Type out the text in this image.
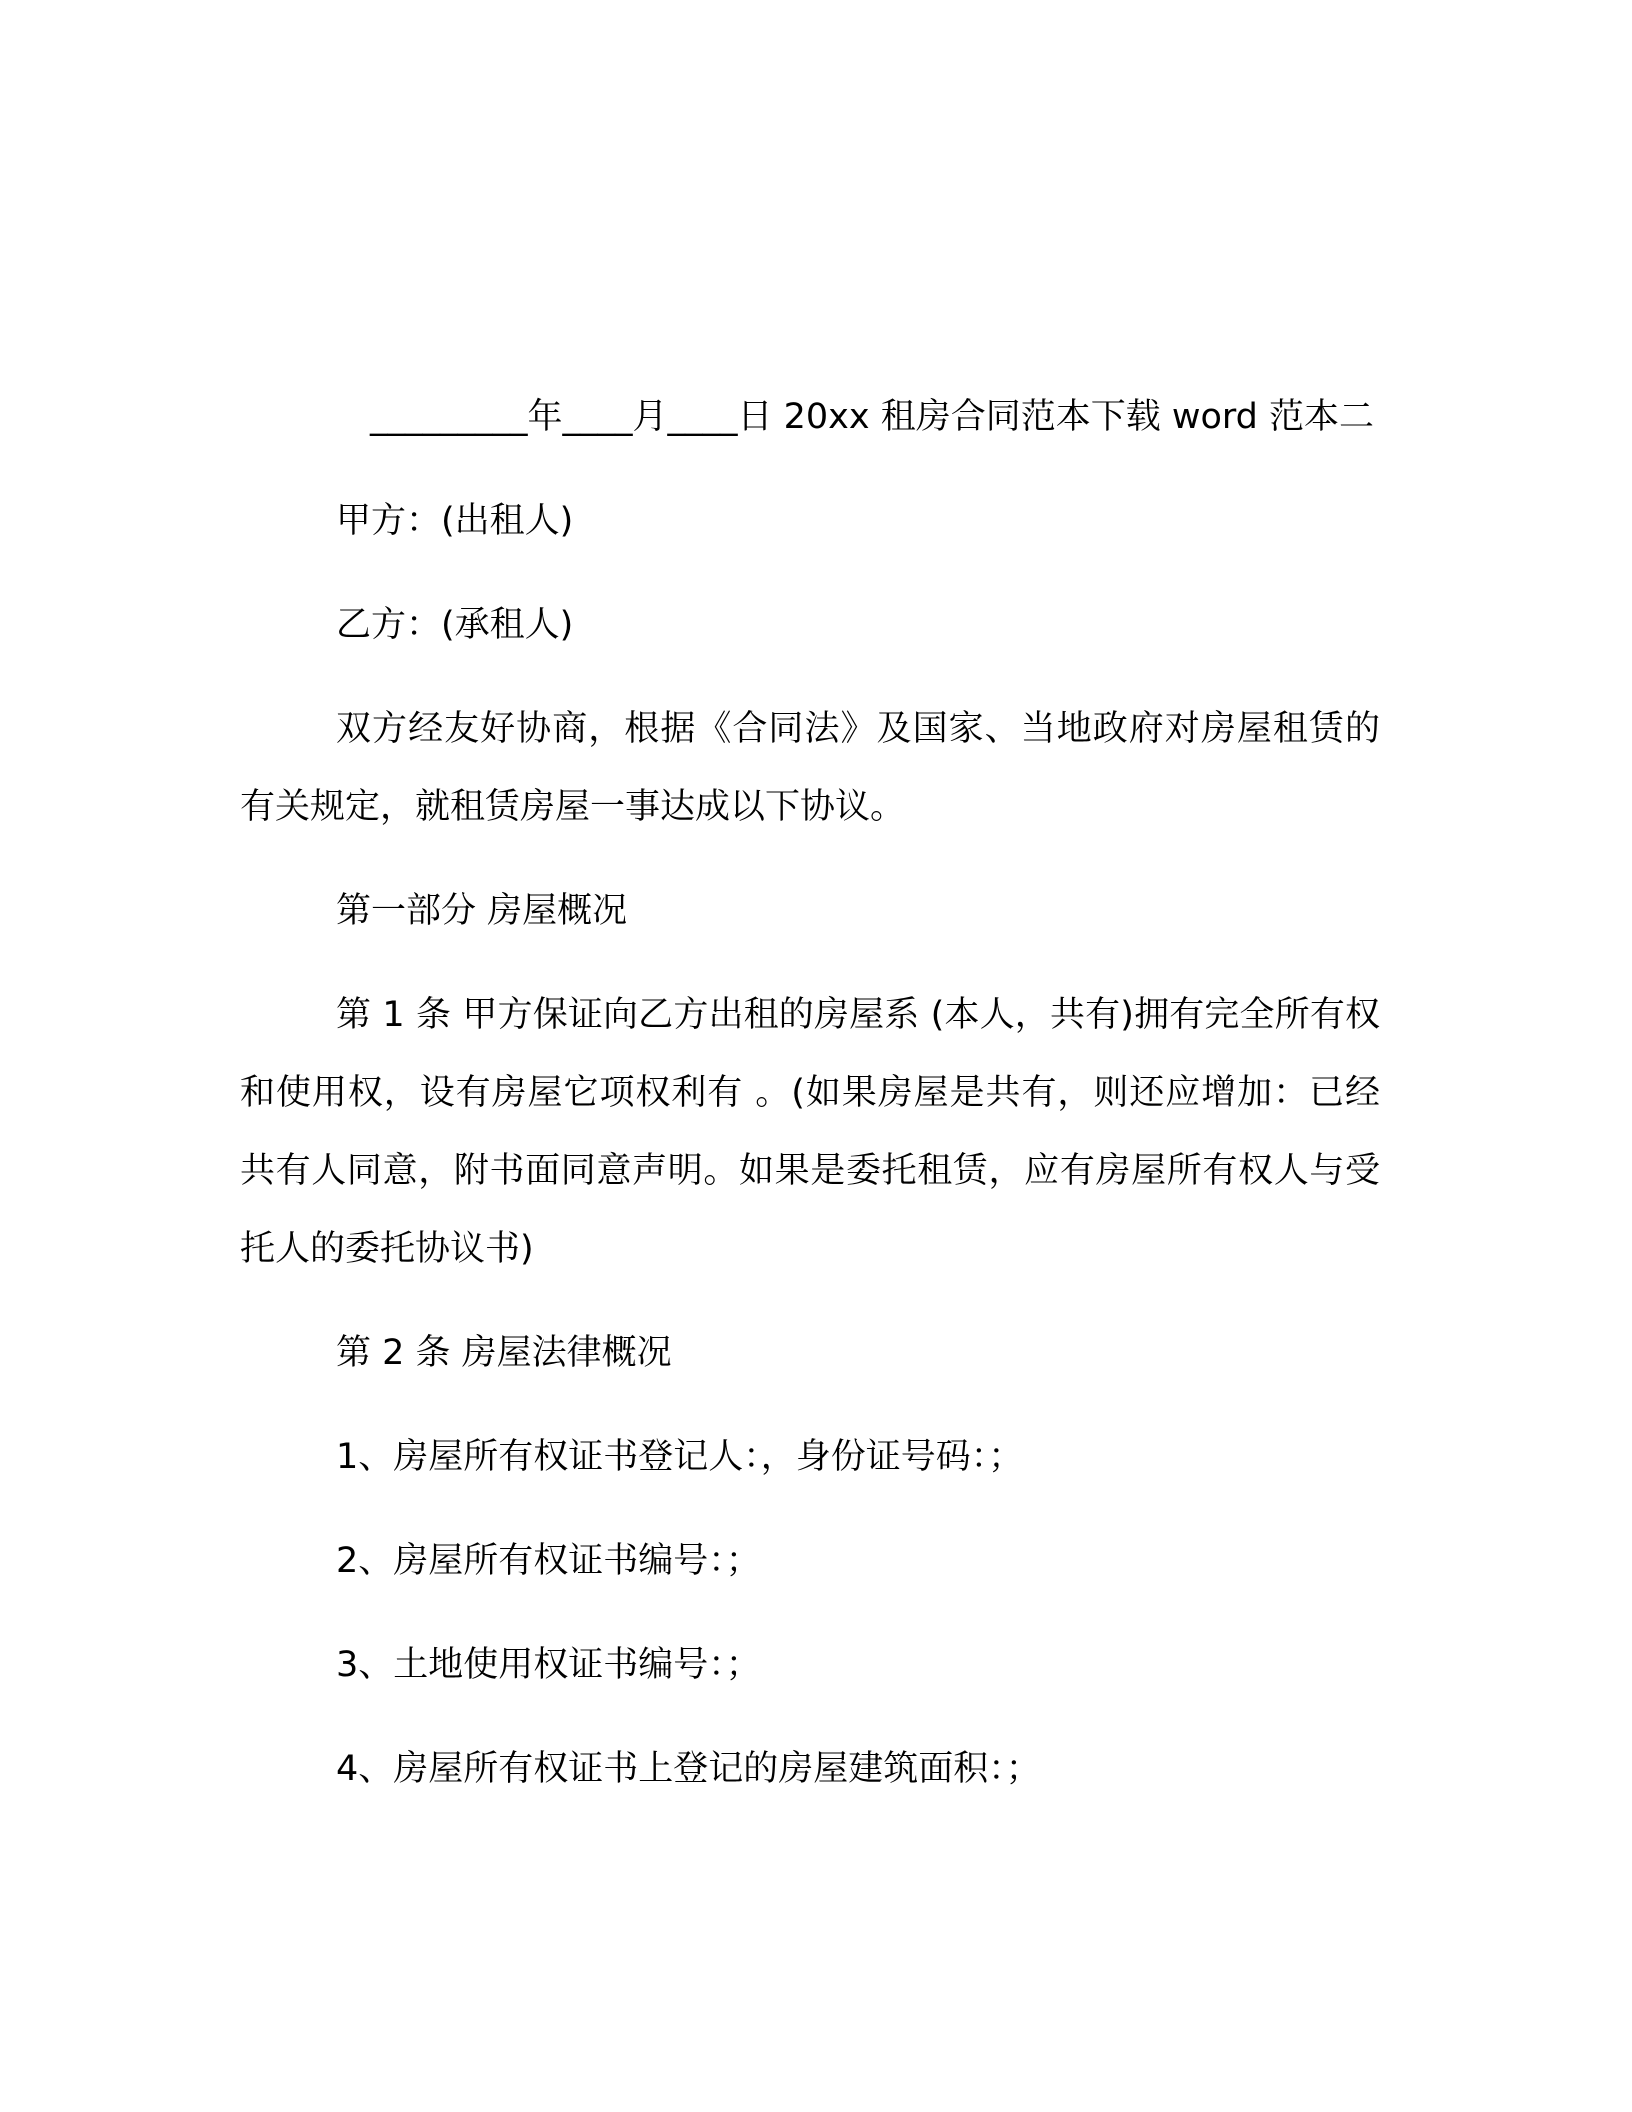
_________年____月____日 20xx 租房合同范本下载 word 范本二

甲方：(出租人)

乙方：(承租人)

双方经友好协商，根据《合同法》及国家、当地政府对房屋租赁的有关规定，就租赁房屋一事达成以下协议。

第一部分 房屋概况

第 1 条 甲方保证向乙方出租的房屋系 (本人，共有)拥有完全所有权和使用权，设有房屋它项权利有 。(如果房屋是共有，则还应增加：已经共有人同意，附书面同意声明。如果是委托租赁，应有房屋所有权人与受托人的委托协议书)

第 2 条 房屋法律概况

1、房屋所有权证书登记人：，身份证号码：；

2、房屋所有权证书编号：；

3、土地使用权证书编号：；

4、房屋所有权证书上登记的房屋建筑面积：；
